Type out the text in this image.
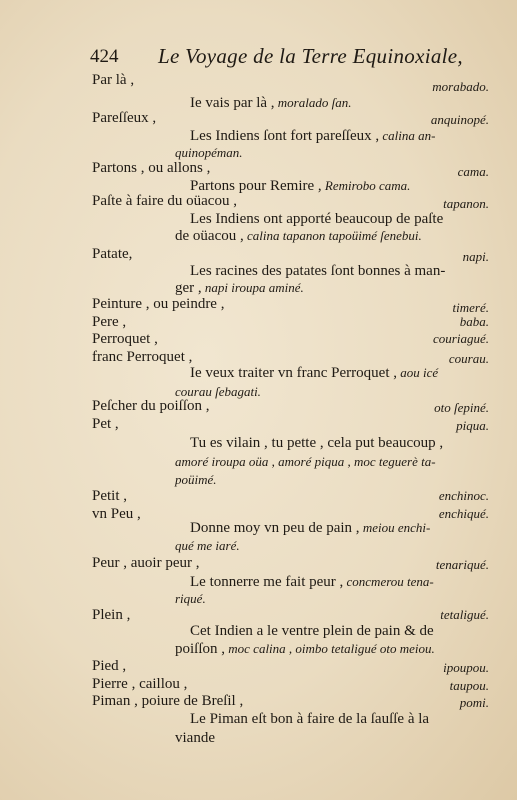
424 Le Voyage de la Terre Equinoxiale,
Par là ,	morabado.
Ie vais par là , moralado ſan.
Pareſſeux ,	anquinopé.
Les Indiens ſont fort pareſſeux , calina an-
quinopéman.
Partons , ou allons ,	cama.
Partons pour Remire , Remirobo cama.
Paſte à faire du oüacou ,	tapanon.
Les Indiens ont apporté beaucoup de paſte
de oüacou , calina tapanon tapoüimé ſenebui.
Patate,	napi.
Les racines des patates ſont bonnes à man-
ger , napi iroupa aminé.
Peinture , ou peindre ,	timeré.
Pere ,	baba.
Perroquet ,	couriagué.
franc Perroquet ,	courau.
Ie veux traiter vn franc Perroquet , aou icé
courau ſebagati.
Peſcher du poiſſon ,	oto ſepiné.
Pet ,	piqua.
Tu es vilain , tu pette , cela put beaucoup ,
amoré iroupa oüa , amoré piqua , moc teguerè ta-
poüimé.
Petit ,	enchinoc.
vn Peu ,	enchiqué.
Donne moy vn peu de pain , meiou enchi-
qué me iaré.
Peur , auoir peur ,	tenariqué.
Le tonnerre me fait peur , concmerou tena-
riqué.
Plein ,	tetaligué.
Cet Indien a le ventre plein de pain & de
poiſſon , moc calina , oimbo tetaligué oto meiou.
Pied ,	ipoupou.
Pierre , caillou ,	taupou.
Piman , poiure de Breſil ,	pomi.
Le Piman eſt bon à faire de la ſauſſe à la
viande
